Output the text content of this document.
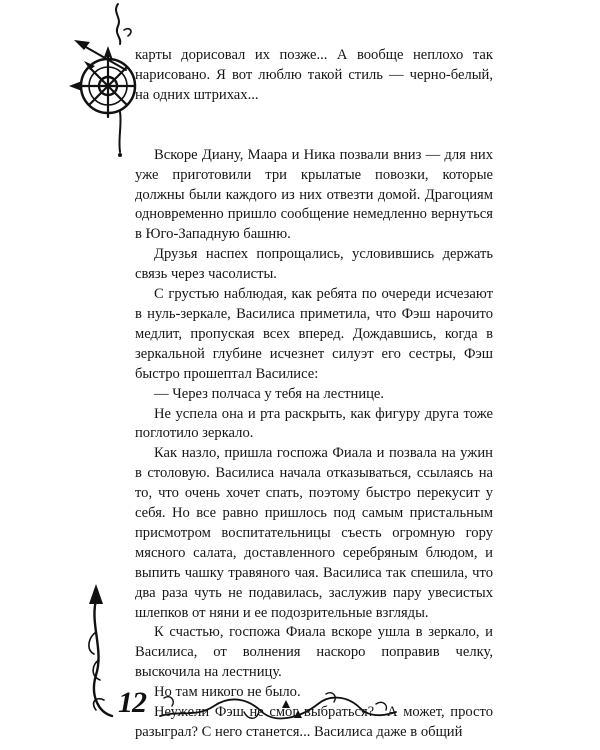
карты дорисовал их позже... А вообще неплохо так нарисовано. Я вот люблю такой стиль — черно-белый, на одних штрихах...

Вскоре Диану, Маара и Ника позвали вниз — для них уже приготовили три крылатые повозки, которые должны были каждого из них отвезти домой. Драгоциям одновременно пришло сообщение немедленно вернуться в Юго-Западную башню.

Друзья наспех попрощались, условившись держать связь через часолисты.

С грустью наблюдая, как ребята по очереди исчезают в нуль-зеркале, Василиса приметила, что Фэш нарочито медлит, пропуская всех вперед. Дождавшись, когда в зеркальной глубине исчезнет силуэт его сестры, Фэш быстро прошептал Василисе:

— Через полчаса у тебя на лестнице.

Не успела она и рта раскрыть, как фигуру друга тоже поглотило зеркало.

Как назло, пришла госпожа Фиала и позвала на ужин в столовую. Василиса начала отказываться, ссылаясь на то, что очень хочет спать, поэтому быстро перекусит у себя. Но все равно пришлось под самым пристальным присмотром воспитательницы съесть огромную гору мясного салата, доставленного серебряным блюдом, и выпить чашку травяного чая. Василиса так спешила, что два раза чуть не подавилась, заслужив пару увесистых шлепков от няни и ее подозрительные взгляды.

К счастью, госпожа Фиала вскоре ушла в зеркало, и Василиса, от волнения наскоро поправив челку, выскочила на лестницу.

Но там никого не было.

Неужели Фэш не смог выбраться?.. А может, просто разыграл? С него станется... Василиса даже в общий

12
